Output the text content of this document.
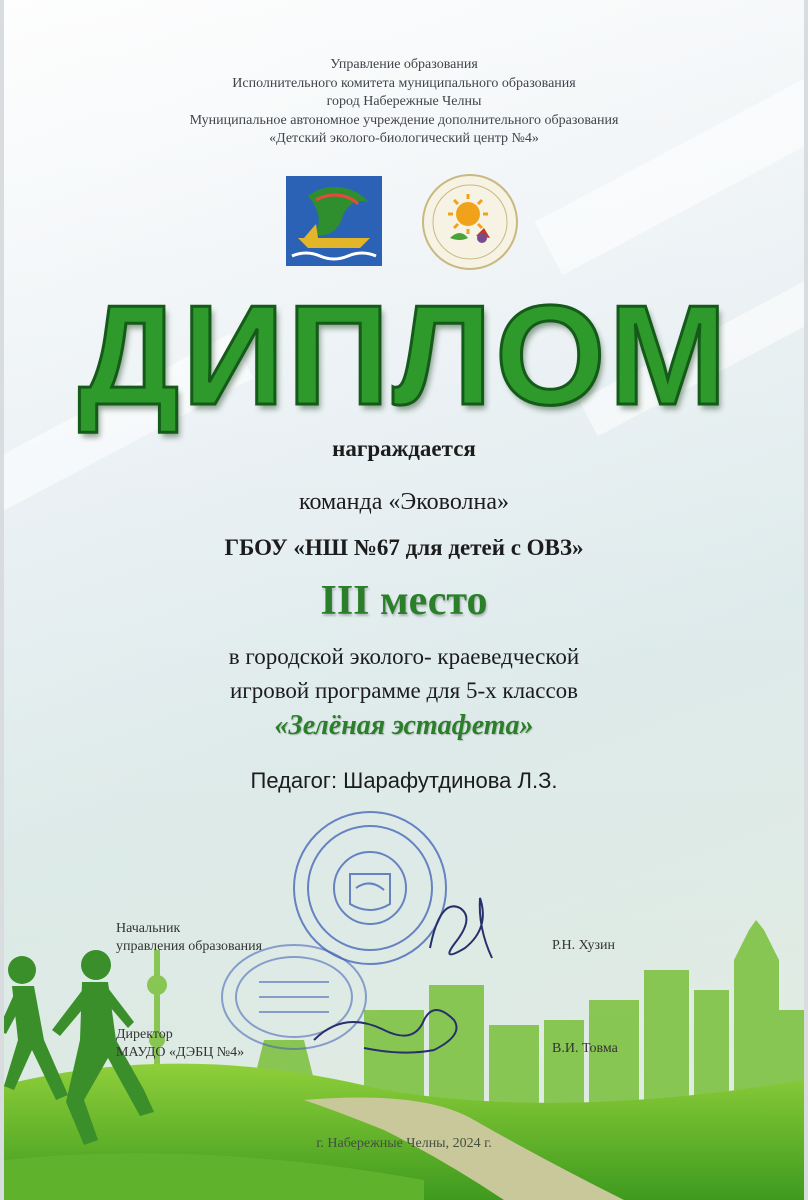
Управление образования
Исполнительного комитета муниципального образования
город Набережные Челны
Муниципальное автономное учреждение дополнительного образования
«Детский эколого-биологический центр №4»
ДИПЛОМ
награждается
команда «Эковолна»
ГБОУ «НШ №67 для детей с ОВЗ»
III место
в городской эколого- краеведческой
игровой программе для 5-х классов
«Зелёная эстафета»
Педагог: Шарафутдинова Л.З.
Начальник
управления образования	Р.Н. Хузин
Директор
МАУДО «ДЭБЦ №4»	В.И. Товма
г. Набережные Челны, 2024 г.
